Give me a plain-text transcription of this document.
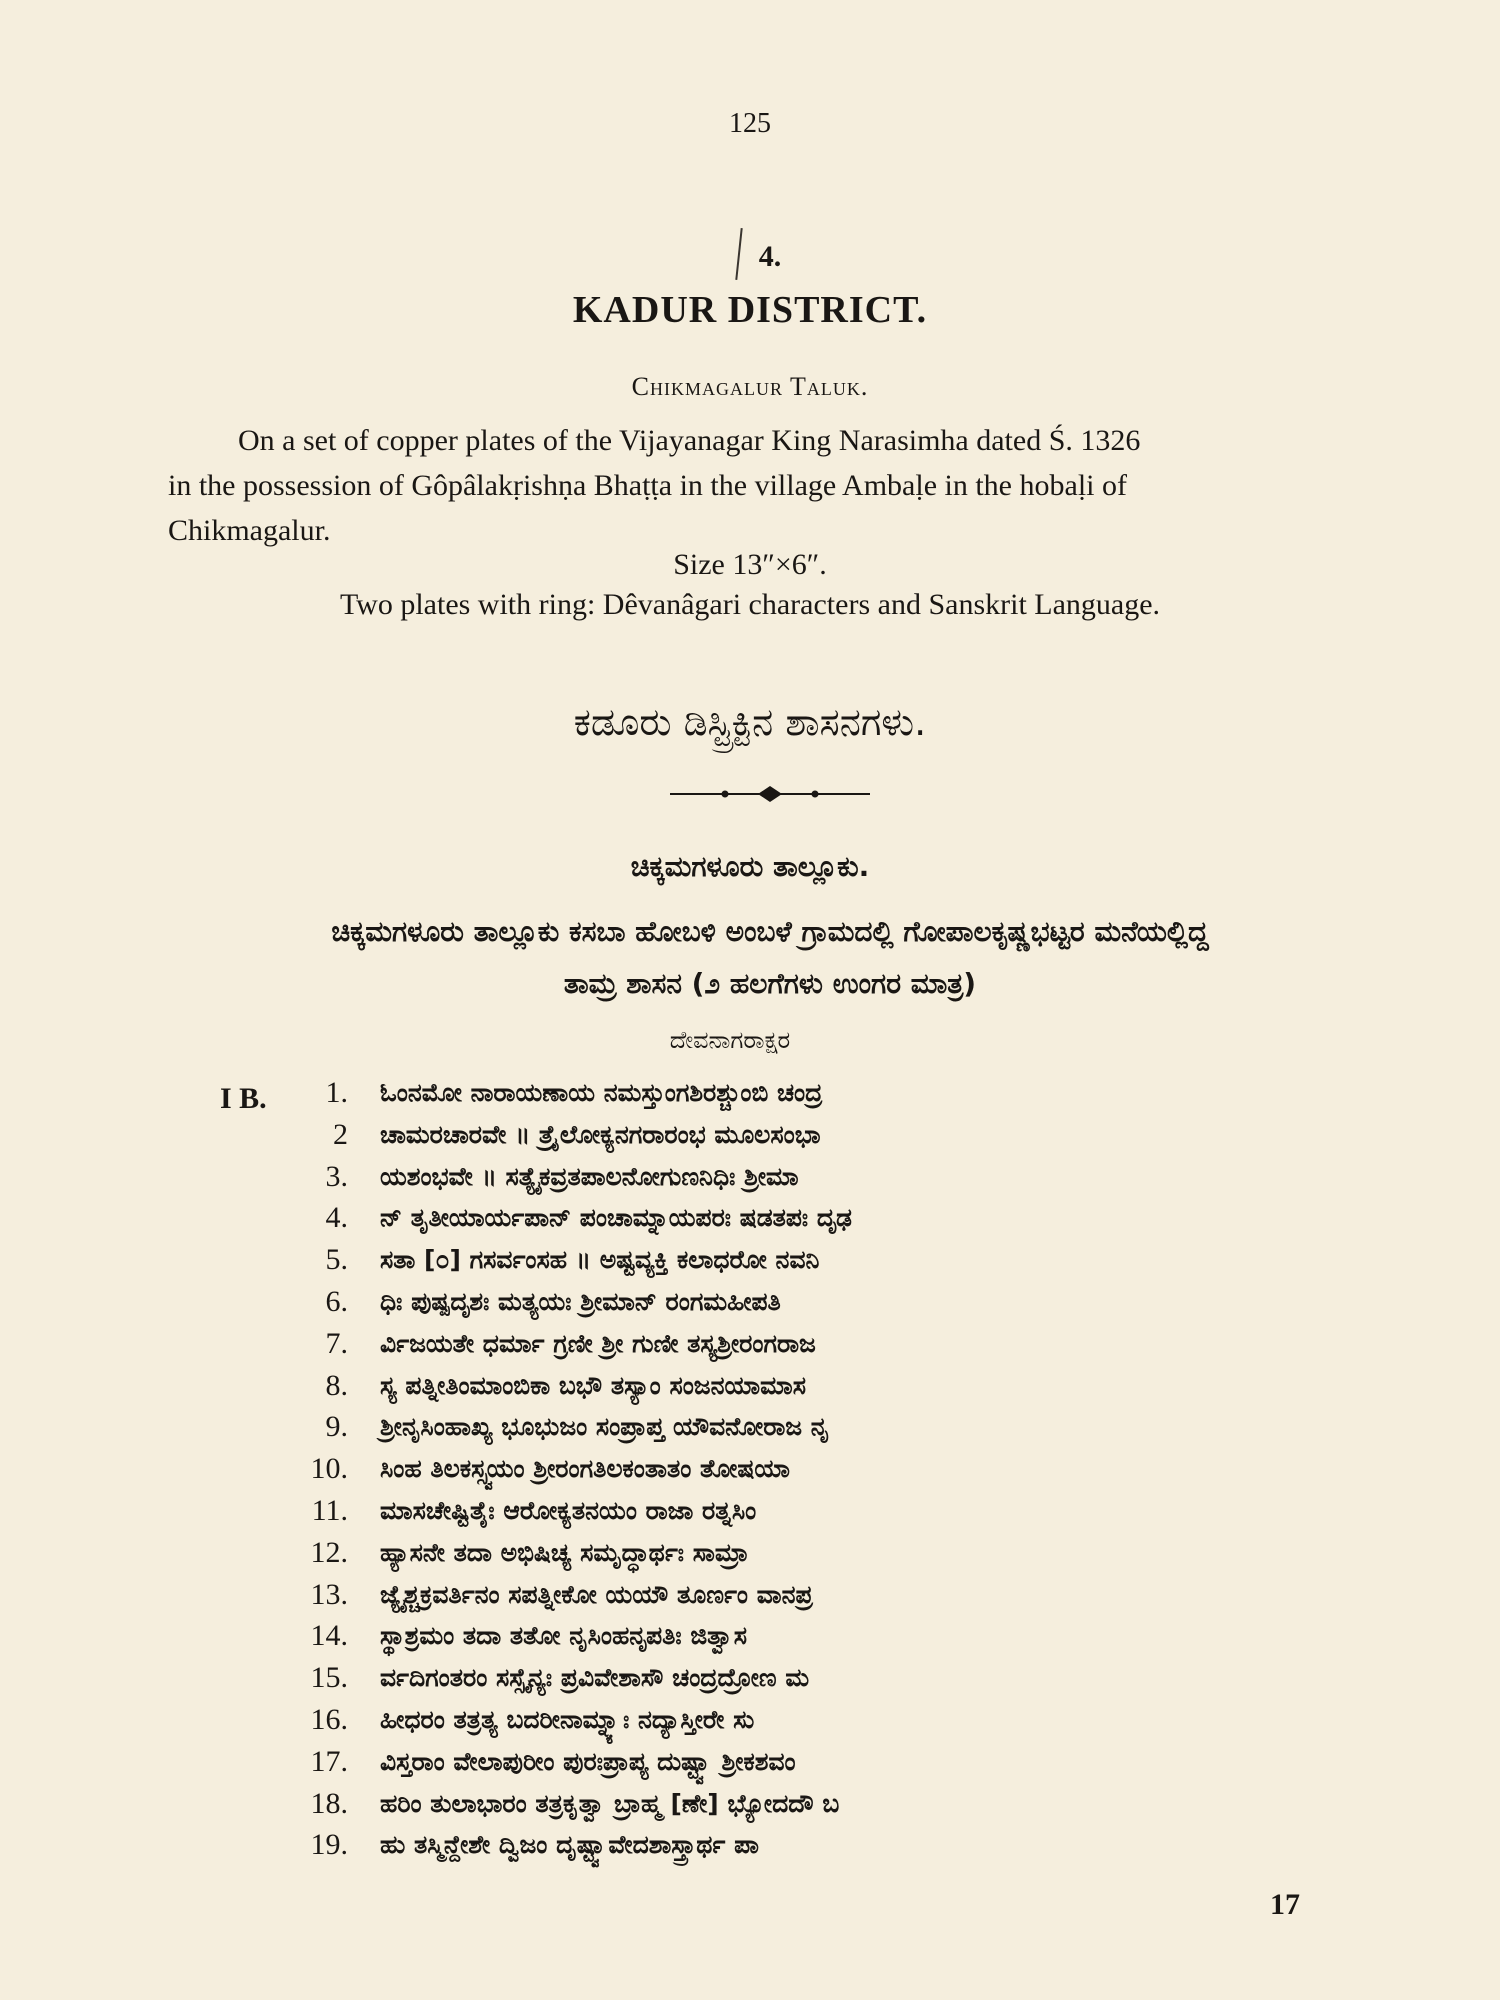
125
4.
KADUR DISTRICT.
Chikmagalur Taluk.
On a set of copper plates of the Vijayanagar King Narasimha dated Ś. 1326
in the possession of Gôpâlakṛishṇa Bhaṭṭa in the village Ambaḷe in the hobaḷi of
Chikmagalur.
Size 13″×6″.
Two plates with ring: Dêvanâgari characters and Sanskrit Language.
ಕಡೂರು ಡಿಸ್ಟ್ರಿಕ್ಟಿನ ಶಾಸನಗಳು.
ಚಿಕ್ಕಮಗಳೂರು ತಾಲ್ಲೂಕು.
ಚಿಕ್ಕಮಗಳೂರು ತಾಲ್ಲೂಕು ಕಸಬಾ ಹೋಬಳಿ ಅಂಬಳೆ ಗ್ರಾಮದಲ್ಲಿ ಗೋಪಾಲಕೃಷ್ಣಭಟ್ಟರ ಮನೆಯಲ್ಲಿದ್ದ
ತಾಮ್ರ ಶಾಸನ (೨ ಹಲಗೆಗಳು ಉಂಗರ ಮಾತ್ರ)
ದೇವನಾಗರಾಕ್ಷರ
I B.	1. ಓಂನಮೋ ನಾರಾಯಣಾಯ ನಮಸ್ತುಂಗಶಿರಶ್ಚುಂಬಿ ಚಂದ್ರ
2 ಚಾಮರಚಾರವೇ ॥ ತ್ರೈಲೋಕ್ಯನಗರಾರಂಭ ಮೂಲಸಂಭಾ
3. ಯಶಂಭವೇ ॥ ಸತ್ಯೈಕವ್ರತಪಾಲನೋಗುಣನಿಧಿಃ ಶ್ರೀಮಾ
4. ನ್ ತೃತೀಯಾರ್ಯಪಾನ್ ಪಂಚಾಮ್ನಾಯಪರಃ ಷಡತಪಃ ದೃಢ
5. ಸತಾ [೦] ಗಸರ್ವಂಸಹ ॥ ಅಷ್ಟವ್ಯಕ್ತಿ ಕಲಾಧರೋ ನವನಿ
6. ಧಿಃ ಪುಷ್ಪದೃಶಃ ಮತ್ಯಯಃ ಶ್ರೀಮಾನ್ ರಂಗಮಹೀಪತಿ
7. ರ್ವಿಜಯತೇ ಧರ್ಮಾ ಗ್ರಣೀ ಶ್ರೀ ಗುಣೀ ತಸ್ಯಶ್ರೀರಂಗರಾಜ
8. ಸ್ಯ ಪತ್ನೀತಿಂಮಾಂಬಿಕಾ ಬಭೌ ತಸ್ಯಾಂ ಸಂಜನಯಾಮಾಸ
9. ಶ್ರೀನೃಸಿಂಹಾಖ್ಯ ಭೂಭುಜಂ ಸಂಪ್ರಾಪ್ತ ಯೌವನೋರಾಜ ನೃ
10. ಸಿಂಹ ತಿಲಕಸ್ಸ್ವಯಂ ಶ್ರೀರಂಗತಿಲಕಂತಾತಂ ತೋಷಯಾ
11. ಮಾಸಚೇಷ್ಟಿತೈಃ ಆರೋಕ್ಯತನಯಂ ರಾಜಾ ರತ್ನಸಿಂ
12. ಹ್ಯಾಸನೇ ತದಾ ಅಭಿಷಿಚ್ಯ ಸಮೃದ್ಧಾರ್ಥಃ ಸಾಮ್ರಾ
13. ಜ್ಯೈಶ್ಚಕ್ರವರ್ತಿನಂ ಸಪತ್ನೀಕೋ ಯಯೌ ತೂರ್ಣಂ ವಾನಪ್ರ
14. ಸ್ಥಾಶ್ರಮಂ ತದಾ ತತೋ ನೃಸಿಂಹನೃಪತಿಃ ಜಿತ್ವಾಸ
15. ರ್ವದಿಗಂತರಂ ಸಸ್ಸೈನ್ಯಃ ಪ್ರವಿವೇಶಾಸೌ ಚಂದ್ರದ್ರೋಣ ಮ
16. ಹೀಧರಂ ತತ್ರತ್ಯ ಬದರೀನಾಮ್ನ್ಯಾಃ ನದ್ಯಾಸ್ತೀರೇ ಸು
17. ವಿಸ್ತರಾಂ ವೇಲಾಪುರೀಂ ಪುರಃಪ್ರಾಪ್ಯ ದುಷ್ಟ್ವಾ ಶ್ರೀಕಶವಂ
18. ಹರಿಂ ತುಲಾಭಾರಂ ತತ್ರಕೃತ್ವಾ ಬ್ರಾಹ್ಮ [ಣೇ] ಭ್ಯೋದದೌ ಬ
19. ಹು ತಸ್ಮಿನ್ದೇಶೇ ದ್ವಿಜಂ ದೃಷ್ಟ್ವಾವೇದಶಾಸ್ತ್ರಾರ್ಥ ಪಾ
17
